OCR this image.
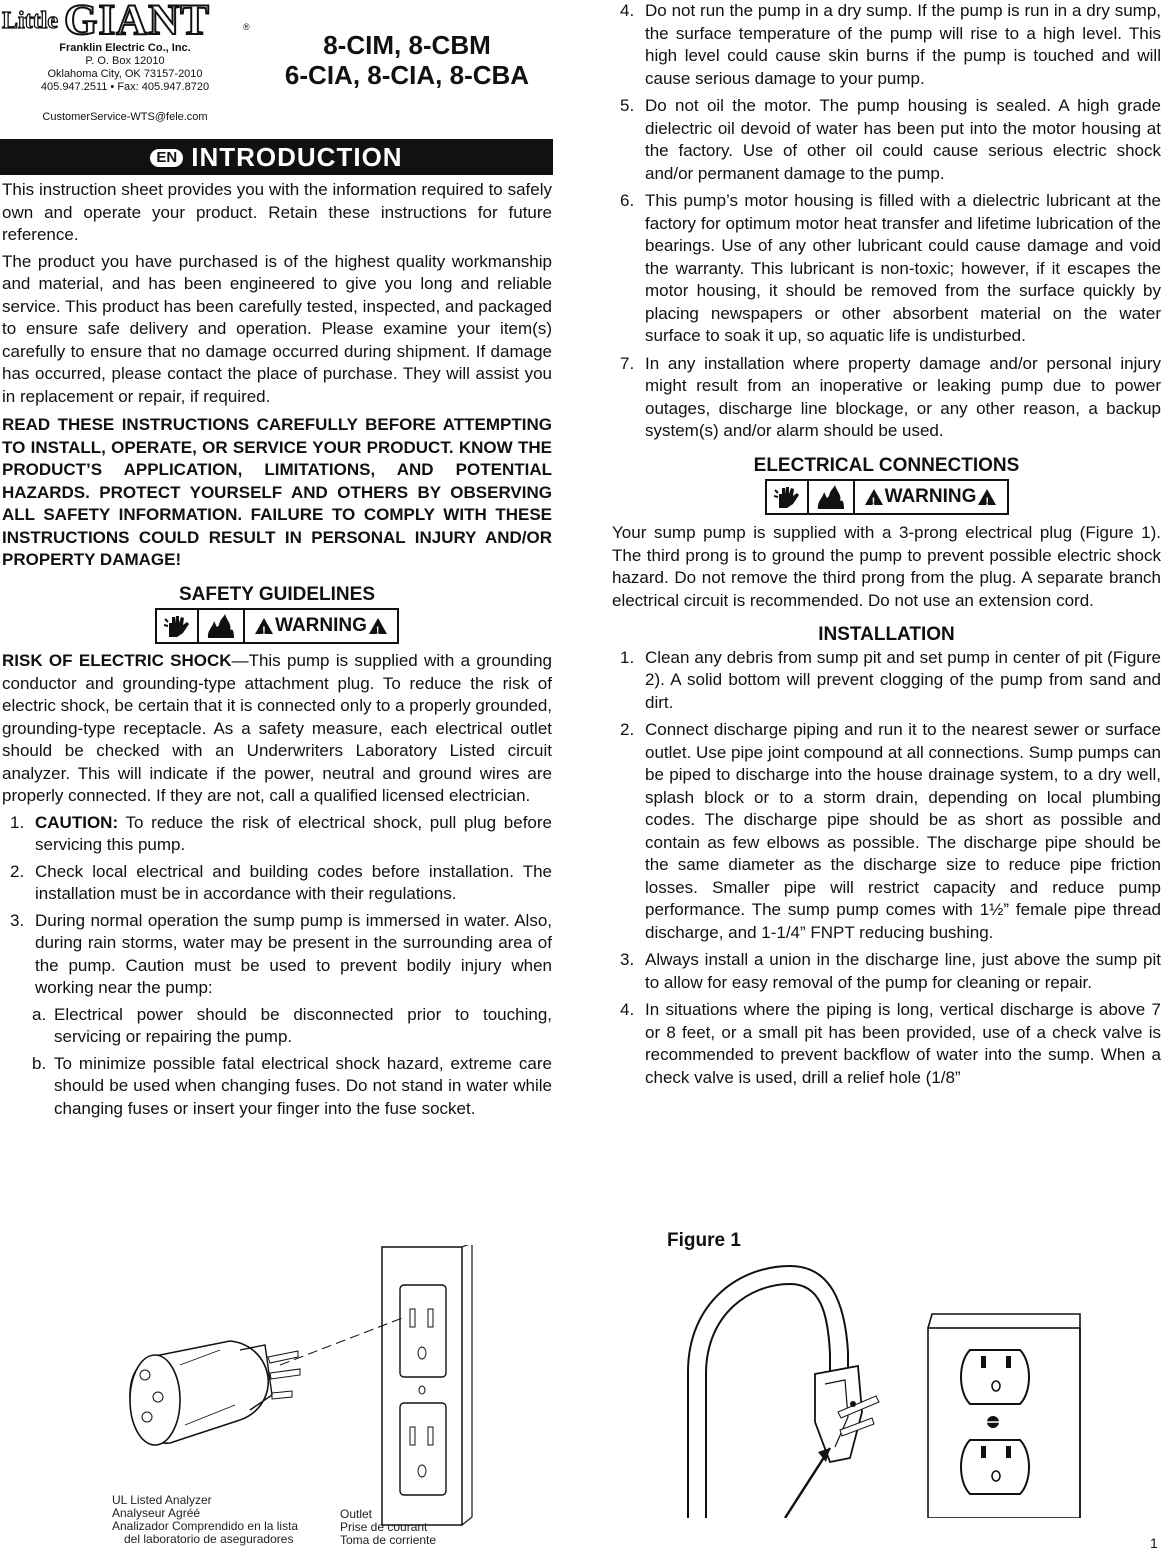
Little GIANT	®
Franklin Electric Co., Inc.
P. O. Box 12010
Oklahoma City, OK 73157-2010
405.947.2511 • Fax: 405.947.8720
CustomerService-WTS@fele.com
8-CIM, 8-CBM
6-CIA, 8-CIA, 8-CBA
EN INTRODUCTION

This instruction sheet provides you with the information required to safely own and operate your product. Retain these instructions for future reference.

The product you have purchased is of the highest quality workmanship and material, and has been engineered to give you long and reliable service. This product has been carefully tested, inspected, and packaged to ensure safe delivery and operation. Please examine your item(s) carefully to ensure that no damage occurred during shipment. If damage has occurred, please contact the place of purchase. They will assist you in replacement or repair, if required.

READ THESE INSTRUCTIONS CAREFULLY BEFORE ATTEMPTING TO INSTALL, OPERATE, OR SERVICE YOUR PRODUCT. KNOW THE PRODUCT’S APPLICATION, LIMITATIONS, AND POTENTIAL HAZARDS. PROTECT YOURSELF AND OTHERS BY OBSERVING ALL SAFETY INFORMATION. FAILURE TO COMPLY WITH THESE INSTRUCTIONS COULD RESULT IN PERSONAL INJURY AND/OR PROPERTY DAMAGE!

SAFETY GUIDELINES
! WARNING !

RISK OF ELECTRIC SHOCK—This pump is supplied with a grounding conductor and grounding-type attachment plug. To reduce the risk of electric shock, be certain that it is connected only to a properly grounded, grounding-type receptacle. As a safety measure, each electrical outlet should be checked with an Underwriters Laboratory Listed circuit analyzer. This will indicate if the power, neutral and ground wires are properly connected. If they are not, call a qualified licensed electrician.

1. CAUTION: To reduce the risk of electrical shock, pull plug before servicing this pump.
2. Check local electrical and building codes before installation. The installation must be in accordance with their regulations.
3. During normal operation the sump pump is immersed in water. Also, during rain storms, water may be present in the surrounding area of the pump. Caution must be used to prevent bodily injury when working near the pump:
a. Electrical power should be disconnected prior to touching, servicing or repairing the pump.
b. To minimize possible fatal electrical shock hazard, extreme care should be used when changing fuses. Do not stand in water while changing fuses or insert your finger into the fuse socket.
UL Listed Analyzer
Analyseur Agréé
Analizador Comprendido en la lista
del laboratorio de aseguradores
Outlet
Prise de courant
Toma de corriente
4. Do not run the pump in a dry sump. If the pump is run in a dry sump, the surface temperature of the pump will rise to a high level. This high level could cause skin burns if the pump is touched and will cause serious damage to your pump.
5. Do not oil the motor. The pump housing is sealed. A high grade dielectric oil devoid of water has been put into the motor housing at the factory. Use of other oil could cause serious electric shock and/or permanent damage to the pump.
6. This pump’s motor housing is filled with a dielectric lubricant at the factory for optimum motor heat transfer and lifetime lubrication of the bearings. Use of any other lubricant could cause damage and void the warranty. This lubricant is non-toxic; however, if it escapes the motor housing, it should be removed from the surface quickly by placing newspapers or other absorbent material on the water surface to soak it up, so aquatic life is undisturbed.
7. In any installation where property damage and/or personal injury might result from an inoperative or leaking pump due to power outages, discharge line blockage, or any other reason, a backup system(s) and/or alarm should be used.
ELECTRICAL CONNECTIONS
! WARNING !

Your sump pump is supplied with a 3-prong electrical plug (Figure 1). The third prong is to ground the pump to prevent possible electric shock hazard. Do not remove the third prong from the plug. A separate branch electrical circuit is recommended. Do not use an extension cord.

INSTALLATION
1. Clean any debris from sump pit and set pump in center of pit (Figure 2). A solid bottom will prevent clogging of the pump from sand and dirt.
2. Connect discharge piping and run it to the nearest sewer or surface outlet. Use pipe joint compound at all connections. Sump pumps can be piped to discharge into the house drainage system, to a dry well, splash block or to a storm drain, depending on local plumbing codes. The discharge pipe should be as short as possible and contain as few elbows as possible. The discharge pipe should be the same diameter as the discharge size to reduce pipe friction losses. Smaller pipe will restrict capacity and reduce pump performance. The sump pump comes with 1½” female pipe thread discharge, and 1-1/4” FNPT reducing bushing.
3. Always install a union in the discharge line, just above the sump pit to allow for easy removal of the pump for cleaning or repair.
4. In situations where the piping is long, vertical discharge is above 7 or 8 feet, or a small pit has been provided, use of a check valve is recommended to prevent backflow of water into the sump. When a check valve is used, drill a relief hole (1/8”
Figure 1
1
